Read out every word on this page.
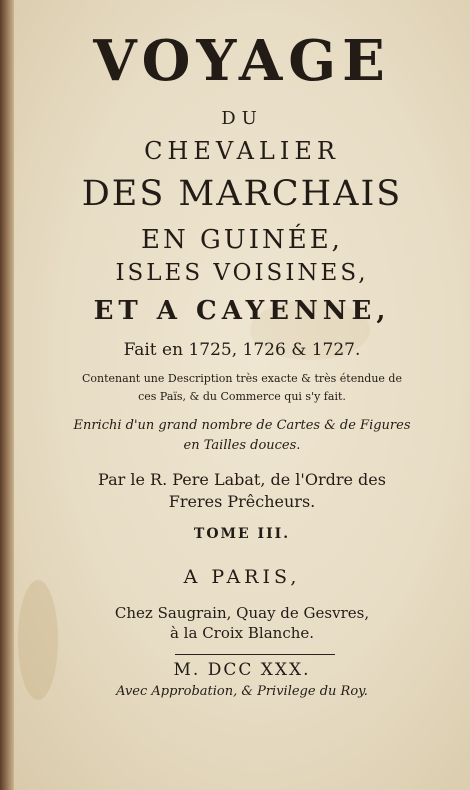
VOYAGE
DU
CHEVALIER
DES MARCHAIS
EN GUINÉE,
ISLES VOISINES,
ET A CAYENNE,
Fait en 1725, 1726 & 1727.
Contenant une Description très exacte & très étendue de
ces Païs, & du Commerce qui s'y fait.
Enrichi d'un grand nombre de Cartes & de Figures
en Tailles douces.
Par le R. Pere Labat, de l'Ordre des
Freres Prêcheurs.
TOME III.
A PARIS,
Chez Saugrain, Quay de Gesvres,
à la Croix Blanche.
M. DCC XXX.
Avec Approbation, & Privilege du Roy.
